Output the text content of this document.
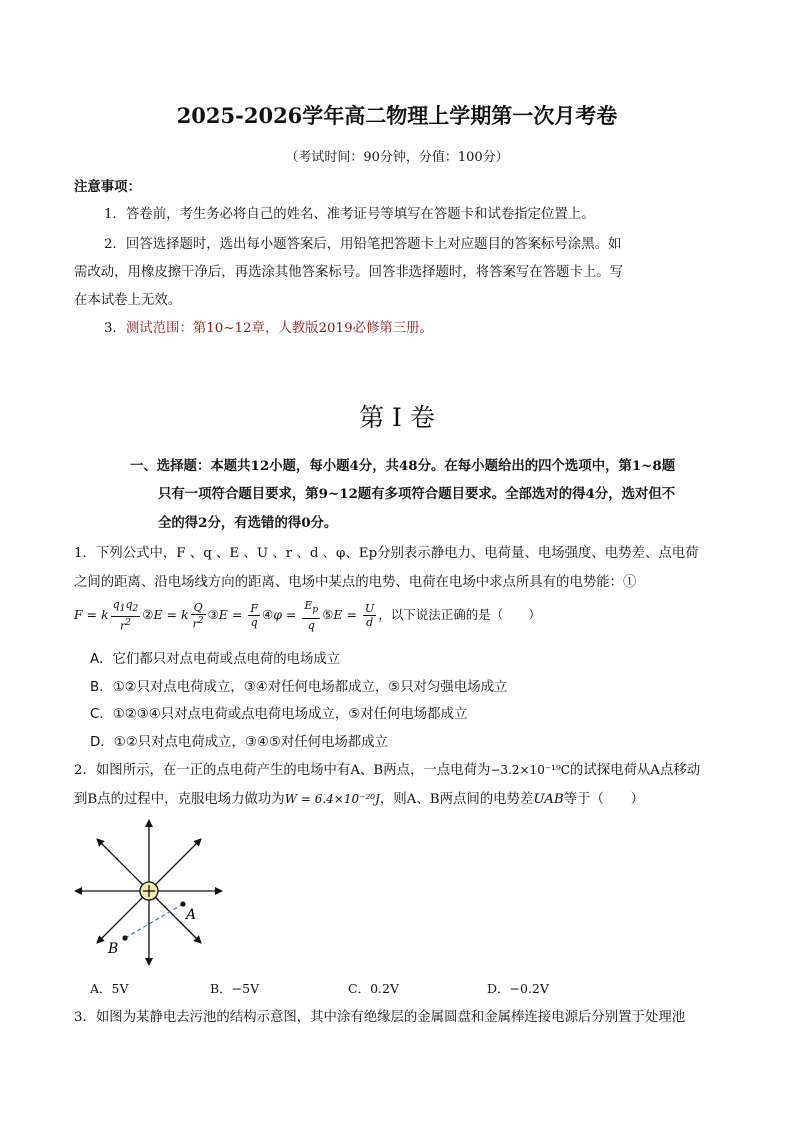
2025-2026学年高二物理上学期第一次月考卷
（考试时间：90分钟，分值：100分）
注意事项：
1．答卷前，考生务必将自己的姓名、准考证号等填写在答题卡和试卷指定位置上。
2．回答选择题时，选出每小题答案后，用铅笔把答题卡上对应题目的答案标号涂黑。如
需改动，用橡皮擦干净后，再选涂其他答案标号。回答非选择题时，将答案写在答题卡上。写
在本试卷上无效。
3．测试范围：第10~12章，人教版2019必修第三册。
第 I 卷
一、选择题：本题共12小题，每小题4分，共48分。在每小题给出的四个选项中，第1~8题
只有一项符合题目要求，第9~12题有多项符合题目要求。全部选对的得4分，选对但不
全的得2分，有选错的得0分。
1．下列公式中，F 、q 、E 、U 、r 、d 、φ、Ep分别表示静电力、电荷量、电场强度、电势差、点电荷
之间的距离、沿电场线方向的距离、电场中某点的电势、电荷在电场中求点所具有的电势能：①
F = k $\frac{q_1q_2}{r^2}$ ②E = k $\frac{Q}{r^2}$ ③E = $\frac{F}{q}$ ④φ = $\frac{E_p}{q}$ ⑤E = $\frac{U}{d}$ ，以下说法正确的是（　　）
A．它们都只对点电荷或点电荷的电场成立
B．①②只对点电荷成立，③④对任何电场都成立，⑤只对匀强电场成立
C．①②③④只对点电荷或点电荷电场成立，⑤对任何电场都成立
D．①②只对点电荷成立，③④⑤对任何电场都成立
2．如图所示，在一正的点电荷产生的电场中有A、B两点，一点电荷为−3.2×10⁻¹⁹C的试探电荷从A点移动
到B点的过程中，克服电场力做功为W = 6.4×10⁻²⁰J，则A、B两点间的电势差UAB等于（　　）
A
B
A．5V	B．−5V	C．0.2V	D．−0.2V
3．如图为某静电去污池的结构示意图，其中涂有绝缘层的金属圆盘和金属棒连接电源后分别置于处理池
